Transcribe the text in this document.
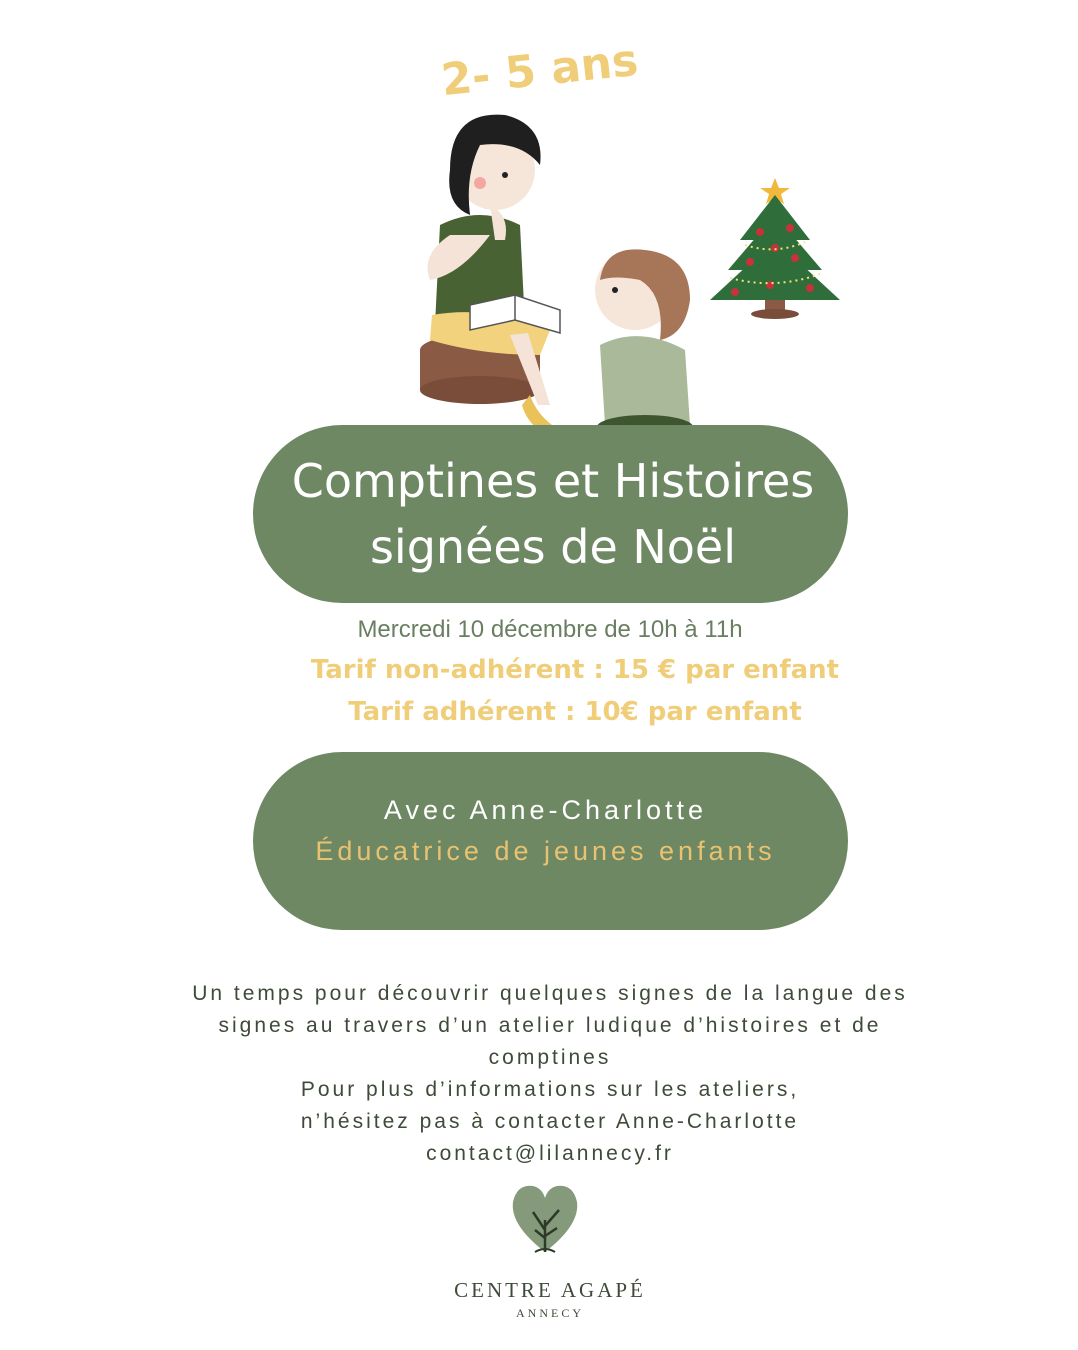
2- 5 ans
Comptines et Histoires
signées de Noël
Mercredi 10 décembre de 10h à 11h
Tarif non-adhérent : 15 € par enfant
Tarif adhérent : 10€ par enfant
Avec Anne-Charlotte
Éducatrice de jeunes enfants
Un temps pour découvrir quelques signes de la langue des
signes au travers d’un atelier ludique d’histoires et de
comptines
Pour plus d’informations sur les ateliers,
n’hésitez pas à contacter Anne-Charlotte
contact@lilannecy.fr
CENTRE AGAPÉ
ANNECY
